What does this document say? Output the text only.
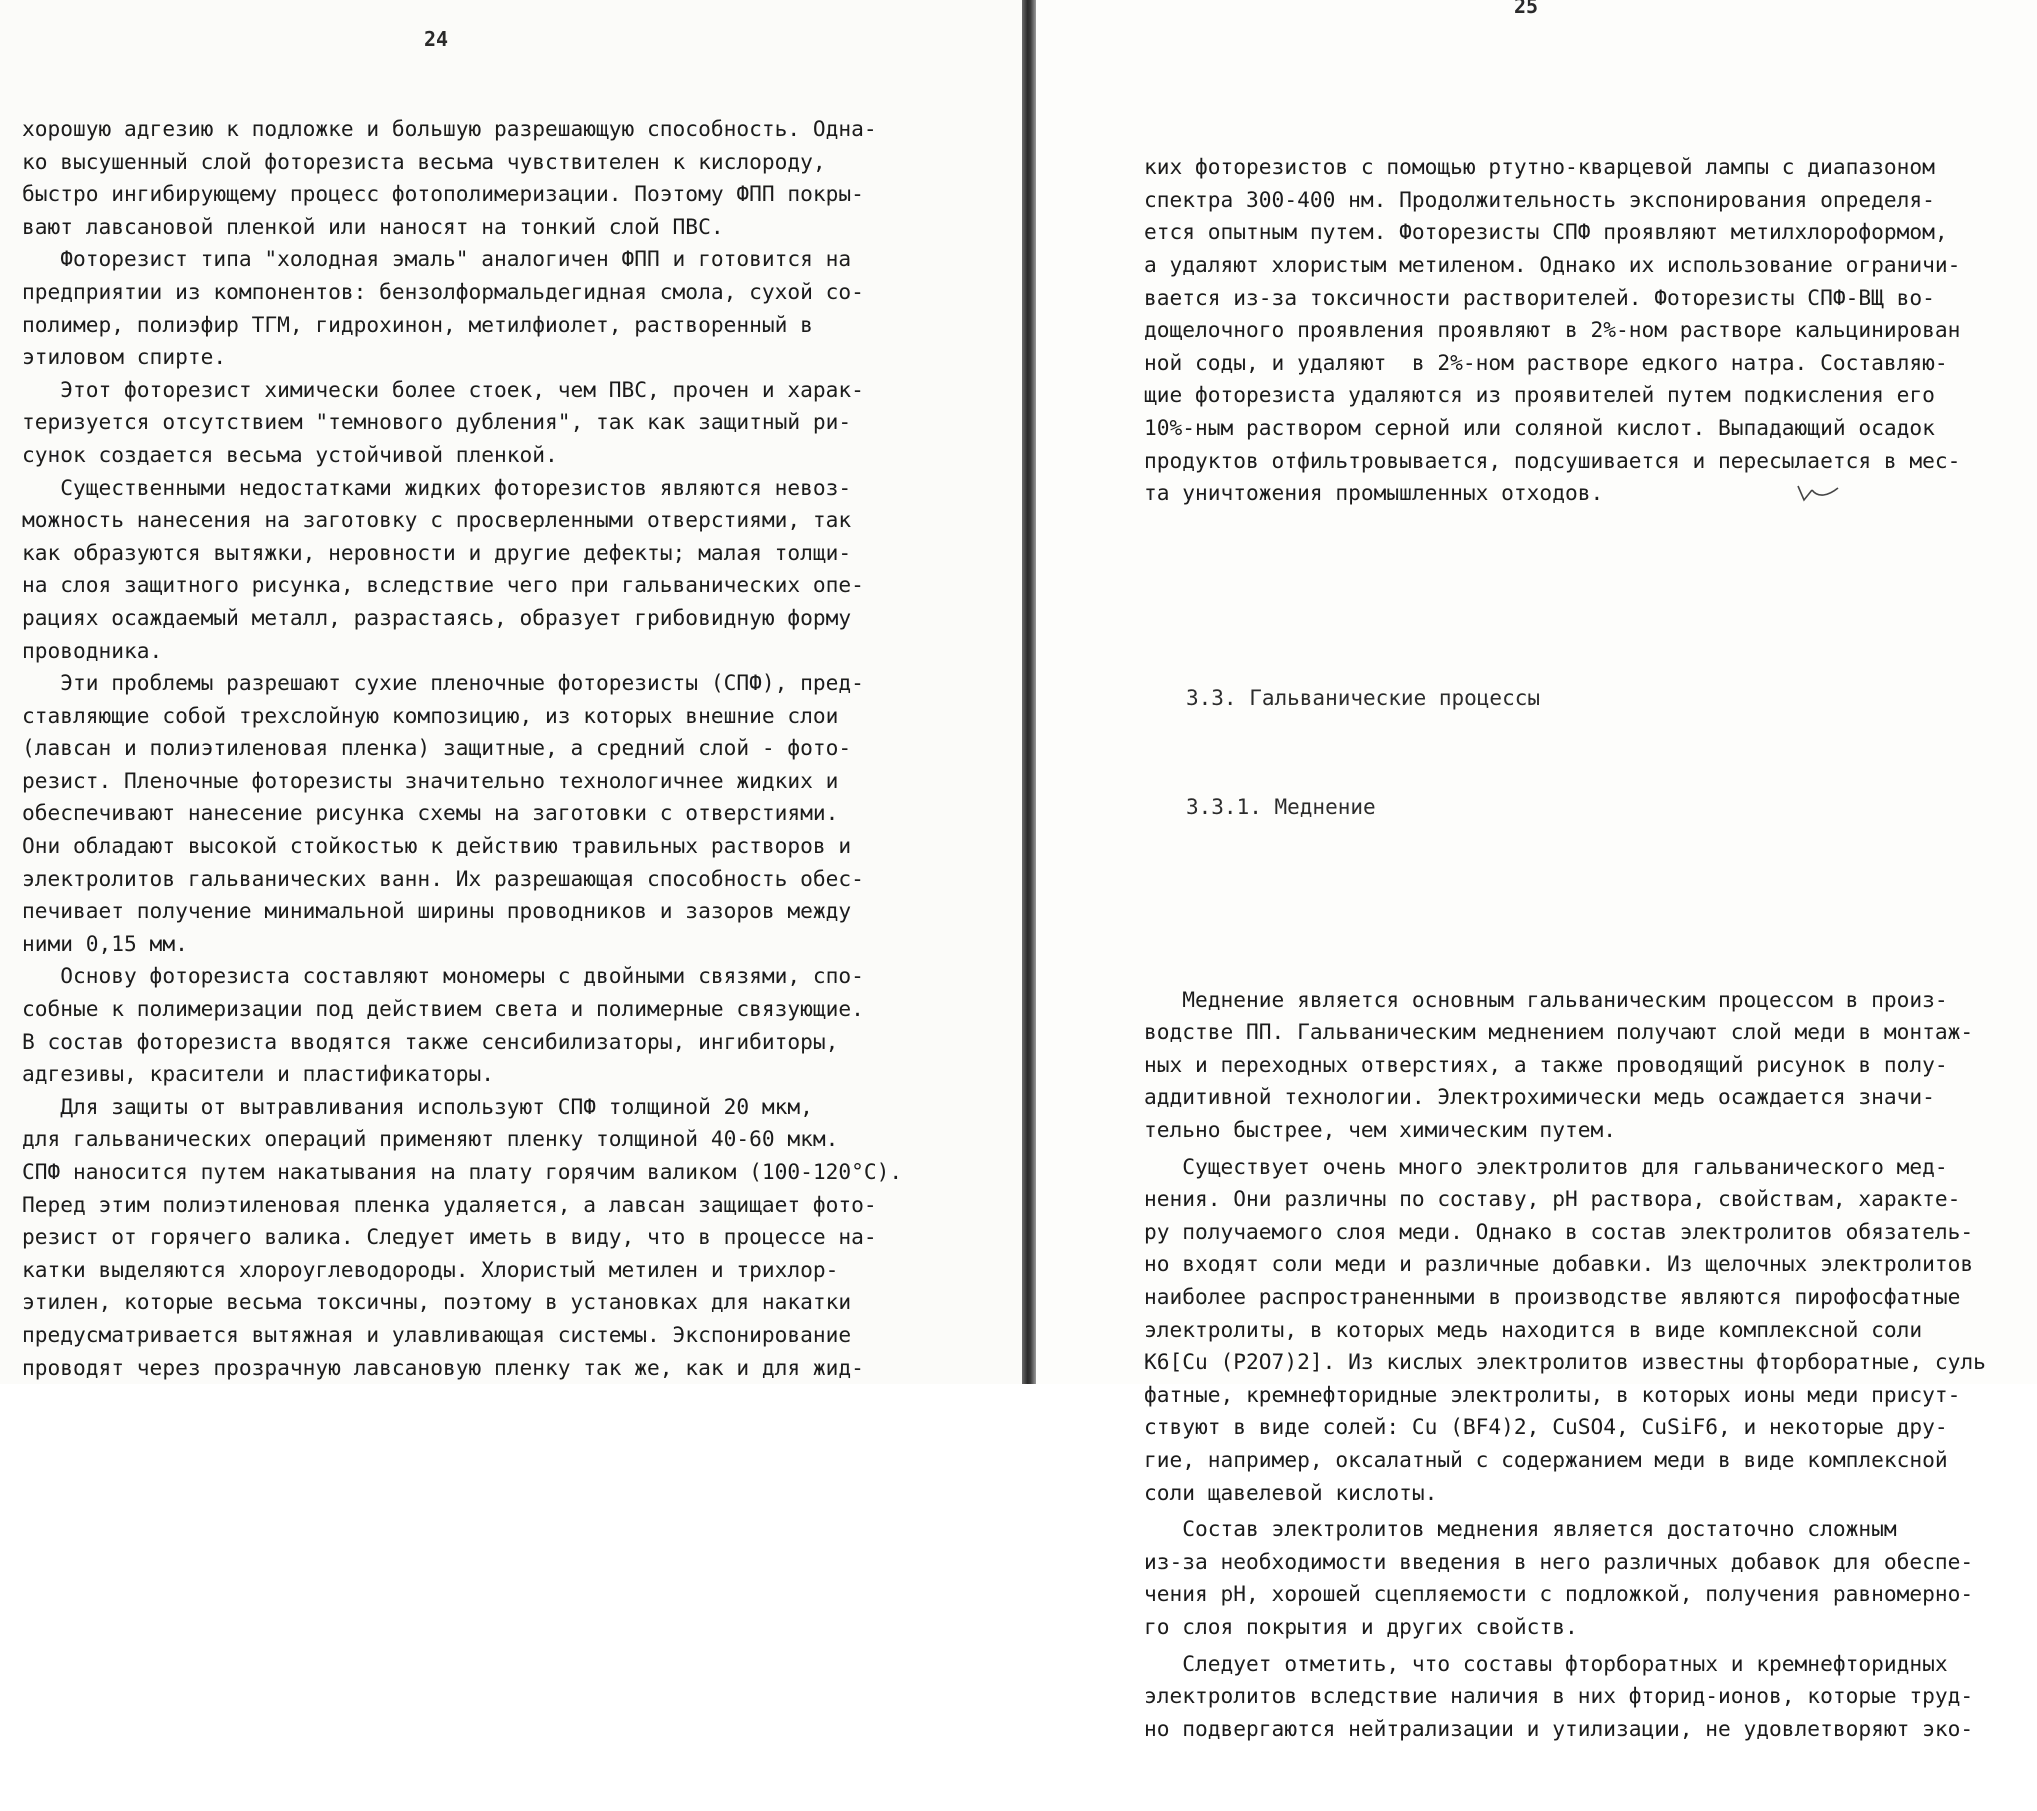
24
хорошую адгезию к подложке и большую разрешающую способность. Одна-
ко высушенный слой фоторезиста весьма чувствителен к кислороду,
быстро ингибирующему процесс фотополимеризации. Поэтому ФПП покры-
вают лавсановой пленкой или наносят на тонкий слой ПВС.
Фоторезист типа "холодная эмаль" аналогичен ФПП и готовится на
предприятии из компонентов: бензолформальдегидная смола, сухой со-
полимер, полиэфир ТГМ, гидрохинон, метилфиолет, растворенный в
этиловом спирте.
Этот фоторезист химически более стоек, чем ПВС, прочен и харак-
теризуется отсутствием "темнового дубления", так как защитный ри-
сунок создается весьма устойчивой пленкой.
Существенными недостатками жидких фоторезистов являются невоз-
можность нанесения на заготовку с просверленными отверстиями, так
как образуются вытяжки, неровности и другие дефекты; малая толщи-
на слоя защитного рисунка, вследствие чего при гальванических опе-
рациях осаждаемый металл, разрастаясь, образует грибовидную форму
проводника.
Эти проблемы разрешают сухие пленочные фоторезисты (СПФ), пред-
ставляющие собой трехслойную композицию, из которых внешние слои
(лавсан и полиэтиленовая пленка) защитные, а средний слой - фото-
резист. Пленочные фоторезисты значительно технологичнее жидких и
обеспечивают нанесение рисунка схемы на заготовки с отверстиями.
Они обладают высокой стойкостью к действию травильных растворов и
электролитов гальванических ванн. Их разрешающая способность обес-
печивает получение минимальной ширины проводников и зазоров между
ними 0,15 мм.
Основу фоторезиста составляют мономеры с двойными связями, спо-
собные к полимеризации под действием света и полимерные связующие.
В состав фоторезиста вводятся также сенсибилизаторы, ингибиторы,
адгезивы, красители и пластификаторы.
Для защиты от вытравливания используют СПФ толщиной 20 мкм,
для гальванических операций применяют пленку толщиной 40-60 мкм.
СПФ наносится путем накатывания на плату горячим валиком (100-120°C).
Перед этим полиэтиленовая пленка удаляется, а лавсан защищает фото-
резист от горячего валика. Следует иметь в виду, что в процессе на-
катки выделяются хлороуглеводороды. Хлористый метилен и трихлор-
этилен, которые весьма токсичны, поэтому в установках для накатки
предусматривается вытяжная и улавливающая системы. Экспонирование
проводят через прозрачную лавсановую пленку так же, как и для жид-
25

ких фоторезистов с помощью ртутно-кварцевой лампы с диапазоном
спектра 300-400 нм. Продолжительность экспонирования определя-
ется опытным путем. Фоторезисты СПФ проявляют метилхлороформом,
а удаляют хлористым метиленом. Однако их использование ограничи-
вается из-за токсичности растворителей. Фоторезисты СПФ-ВЩ во-
дощелочного проявления проявляют в 2%-ном растворе кальцинирован
ной соды, и удаляют  в 2%-ном растворе едкого натра. Составляю-
щие фоторезиста удаляются из проявителей путем подкисления его
10%-ным раствором серной или соляной кислот. Выпадающий осадок
продуктов отфильтровывается, подсушивается и пересылается в мес-
та уничтожения промышленных отходов.

3.3. Гальванические процессы

3.3.1. Меднение

Меднение является основным гальваническим процессом в произ-
водстве ПП. Гальваническим меднением получают слой меди в монтаж-
ных и переходных отверстиях, а также проводящий рисунок в полу-
аддитивной технологии. Электрохимически медь осаждается значи-
тельно быстрее, чем химическим путем.
Существует очень много электролитов для гальванического мед-
нения. Они различны по составу, pH раствора, свойствам, характе-
ру получаемого слоя меди. Однако в состав электролитов обязатель-
но входят соли меди и различные добавки. Из щелочных электролитов
наиболее распространенными в производстве являются пирофосфатные
электролиты, в которых медь находится в виде комплексной соли
K6[Cu (P2O7)2]. Из кислых электролитов известны фторборатные, суль
фатные, кремнефторидные электролиты, в которых ионы меди присут-
ствуют в виде солей: Cu (BF4)2, CuSO4, CuSiF6, и некоторые дру-
гие, например, оксалатный с содержанием меди в виде комплексной
соли щавелевой кислоты.
Состав электролитов меднения является достаточно сложным
из-за необходимости введения в него различных добавок для обеспе-
чения pH, хорошей сцепляемости с подложкой, получения равномерно-
го слоя покрытия и других свойств.
Следует отметить, что составы фторборатных и кремнефторидных
электролитов вследствие наличия в них фторид-ионов, которые труд-
но подвергаются нейтрализации и утилизации, не удовлетворяют эко-
